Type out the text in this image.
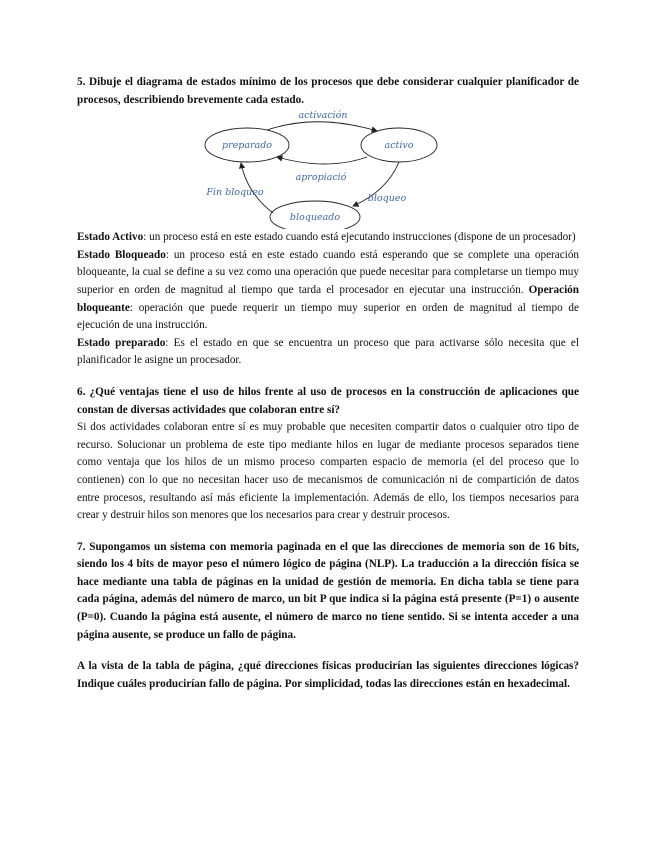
5. Dibuje el diagrama de estados mínimo de los procesos que debe considerar cualquier planificador de procesos, describiendo brevemente cada estado.

preparado	activo
bloqueado
activación
apropiació
Fin bloqueo
bloqueo

Estado Activo: un proceso está en este estado cuando está ejecutando instrucciones (dispone de un procesador)

Estado Bloqueado: un proceso está en este estado cuando está esperando que se complete una operación bloqueante, la cual se define a su vez como una operación que puede necesitar para completarse un tiempo muy superior en orden de magnitud al tiempo que tarda el procesador en ejecutar una instrucción. Operación bloqueante: operación que puede requerir un tiempo muy superior en orden de magnitud al tiempo de ejecución de una instrucción.

Estado preparado: Es el estado en que se encuentra un proceso que para activarse sólo necesita que el planificador le asigne un procesador.

6. ¿Qué ventajas tiene el uso de hilos frente al uso de procesos en la construcción de aplicaciones que constan de diversas actividades que colaboran entre sí?

Si dos actividades colaboran entre sí es muy probable que necesiten compartir datos o cualquier otro tipo de recurso. Solucionar un problema de este tipo mediante hilos en lugar de mediante procesos separados tiene como ventaja que los hilos de un mismo proceso comparten espacio de memoria (el del proceso que lo contienen) con lo que no necesitan hacer uso de mecanismos de comunicación ni de compartición de datos entre procesos, resultando así más eficiente la implementación. Además de ello, los tiempos necesarios para crear y destruir hilos son menores que los necesarios para crear y destruir procesos.

7. Supongamos un sistema con memoria paginada en el que las direcciones de memoria son de 16 bits, siendo los 4 bits de mayor peso el número lógico de página (NLP). La traducción a la dirección física se hace mediante una tabla de páginas en la unidad de gestión de memoria. En dicha tabla se tiene para cada página, además del número de marco, un bit P que indica si la página está presente (P=1) o ausente (P=0). Cuando la página está ausente, el número de marco no tiene sentido. Si se intenta acceder a una página ausente, se produce un fallo de página.

A la vista de la tabla de página, ¿qué direcciones físicas producirían las siguientes direcciones lógicas? Indique cuáles producirían fallo de página. Por simplicidad, todas las direcciones están en hexadecimal.
